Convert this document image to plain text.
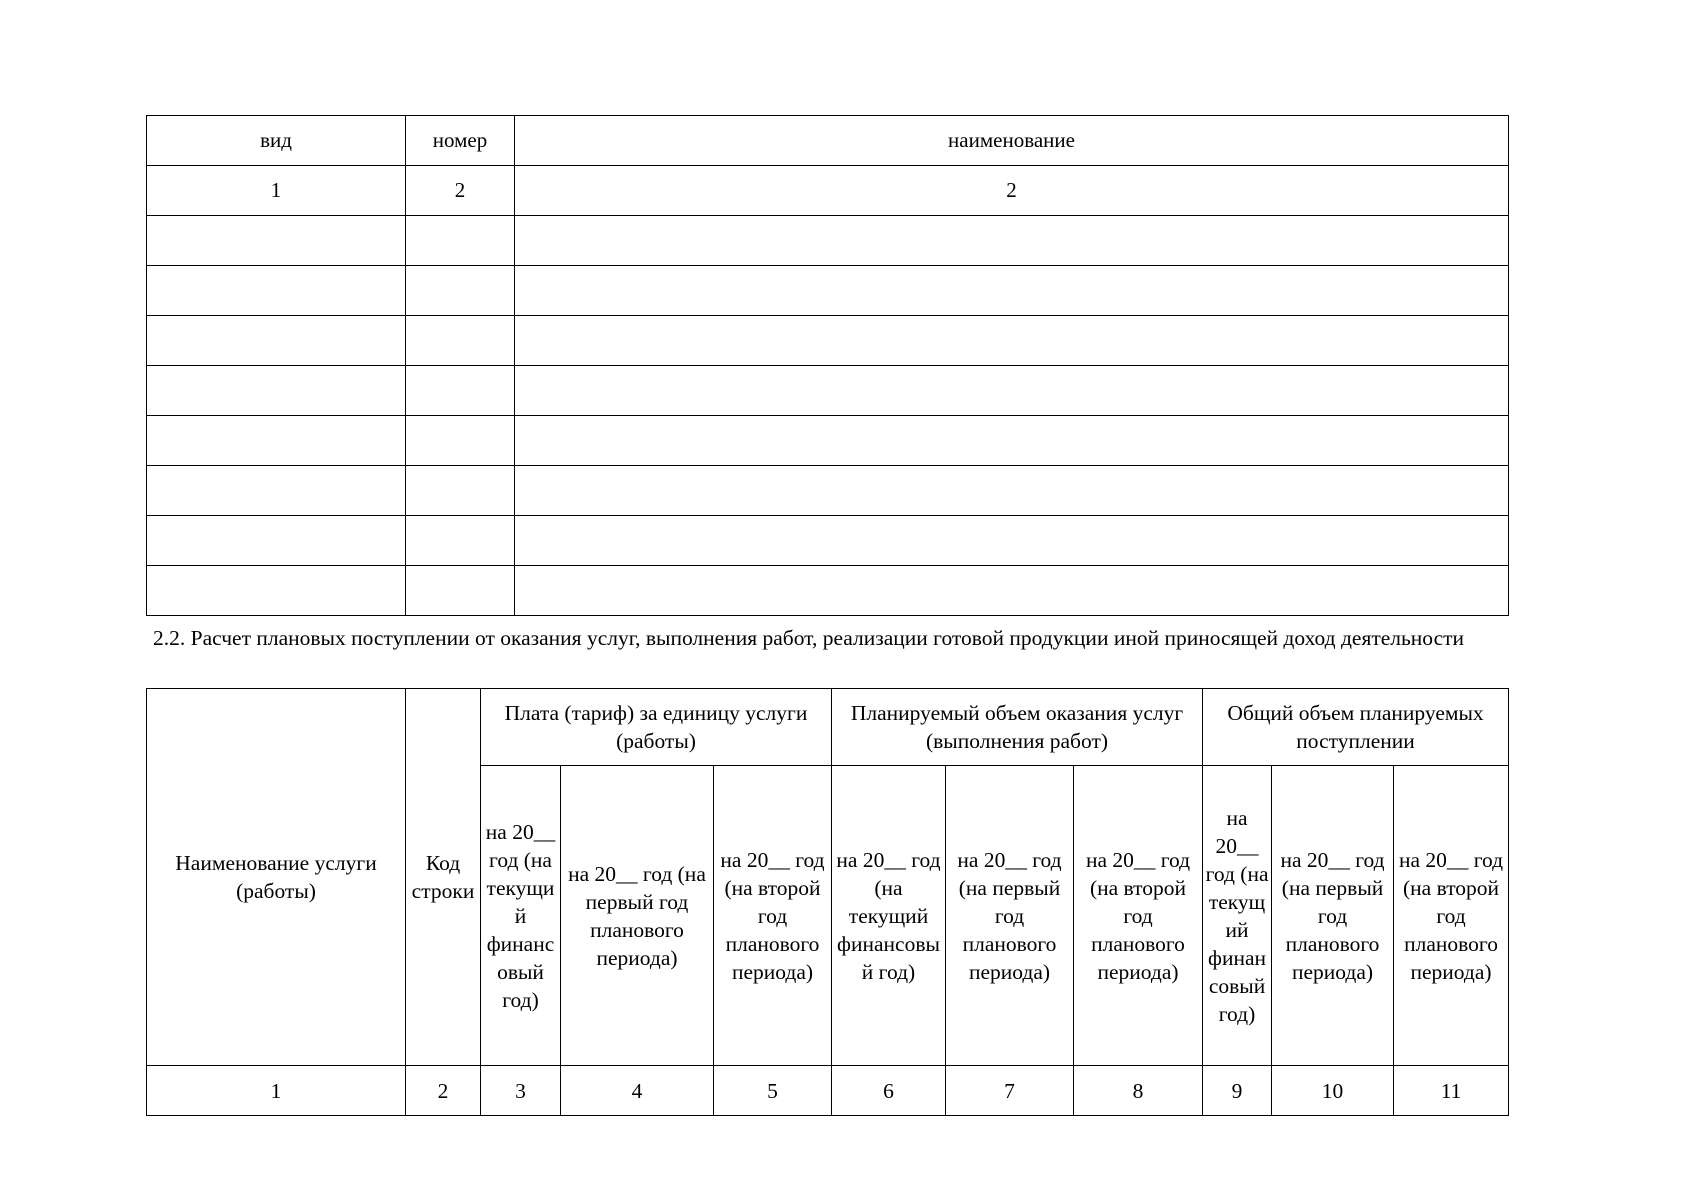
вид	номер	наименование
1	2	2

2.2. Расчет плановых поступлении от оказания услуг, выполнения работ, реализации готовой продукции иной приносящей доход деятельности
Наименование услуги (работы)	Код строки	Плата (тариф) за единицу услуги (работы)			Планируемый объем оказания услуг (выполнения работ)			Общий объем планируемых поступлении		
		на 20__ год (на текущий финансовый год)	на 20__ год (на первый год планового периода)	на 20__ год (на второй год планового периода)	на 20__ год (на текущий финансовый год)	на 20__ год (на первый год планового периода)	на 20__ год (на второй год планового периода)	на 20__ год (на текущий финансовый год)	на 20__ год (на первый год планового периода)	на 20__ год (на второй год планового периода)
1	2	3	4	5	6	7	8	9	10	11
